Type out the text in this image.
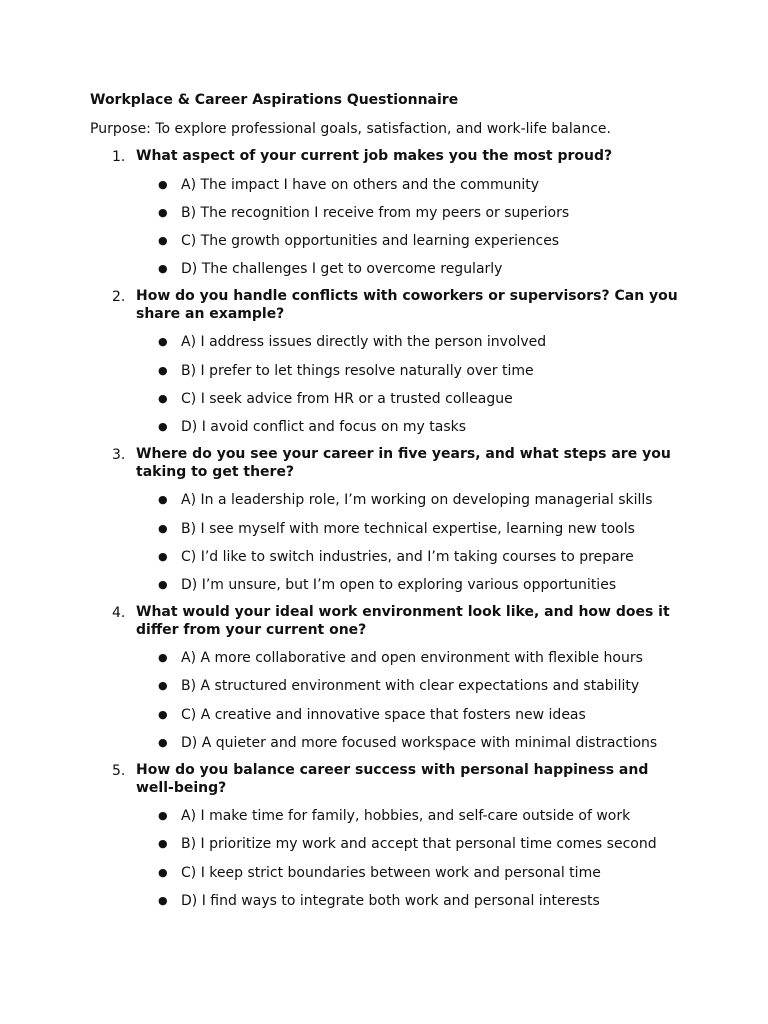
Workplace & Career Aspirations Questionnaire

Purpose: To explore professional goals, satisfaction, and work-life balance.

1. What aspect of your current job makes you the most proud?
● A) The impact I have on others and the community
● B) The recognition I receive from my peers or superiors
● C) The growth opportunities and learning experiences
● D) The challenges I get to overcome regularly
2. How do you handle conflicts with coworkers or supervisors? Can you share an example?
● A) I address issues directly with the person involved
● B) I prefer to let things resolve naturally over time
● C) I seek advice from HR or a trusted colleague
● D) I avoid conflict and focus on my tasks
3. Where do you see your career in five years, and what steps are you taking to get there?
● A) In a leadership role, I’m working on developing managerial skills
● B) I see myself with more technical expertise, learning new tools
● C) I’d like to switch industries, and I’m taking courses to prepare
● D) I’m unsure, but I’m open to exploring various opportunities
4. What would your ideal work environment look like, and how does it differ from your current one?
● A) A more collaborative and open environment with flexible hours
● B) A structured environment with clear expectations and stability
● C) A creative and innovative space that fosters new ideas
● D) A quieter and more focused workspace with minimal distractions
5. How do you balance career success with personal happiness and well-being?
● A) I make time for family, hobbies, and self-care outside of work
● B) I prioritize my work and accept that personal time comes second
● C) I keep strict boundaries between work and personal time
● D) I find ways to integrate both work and personal interests
